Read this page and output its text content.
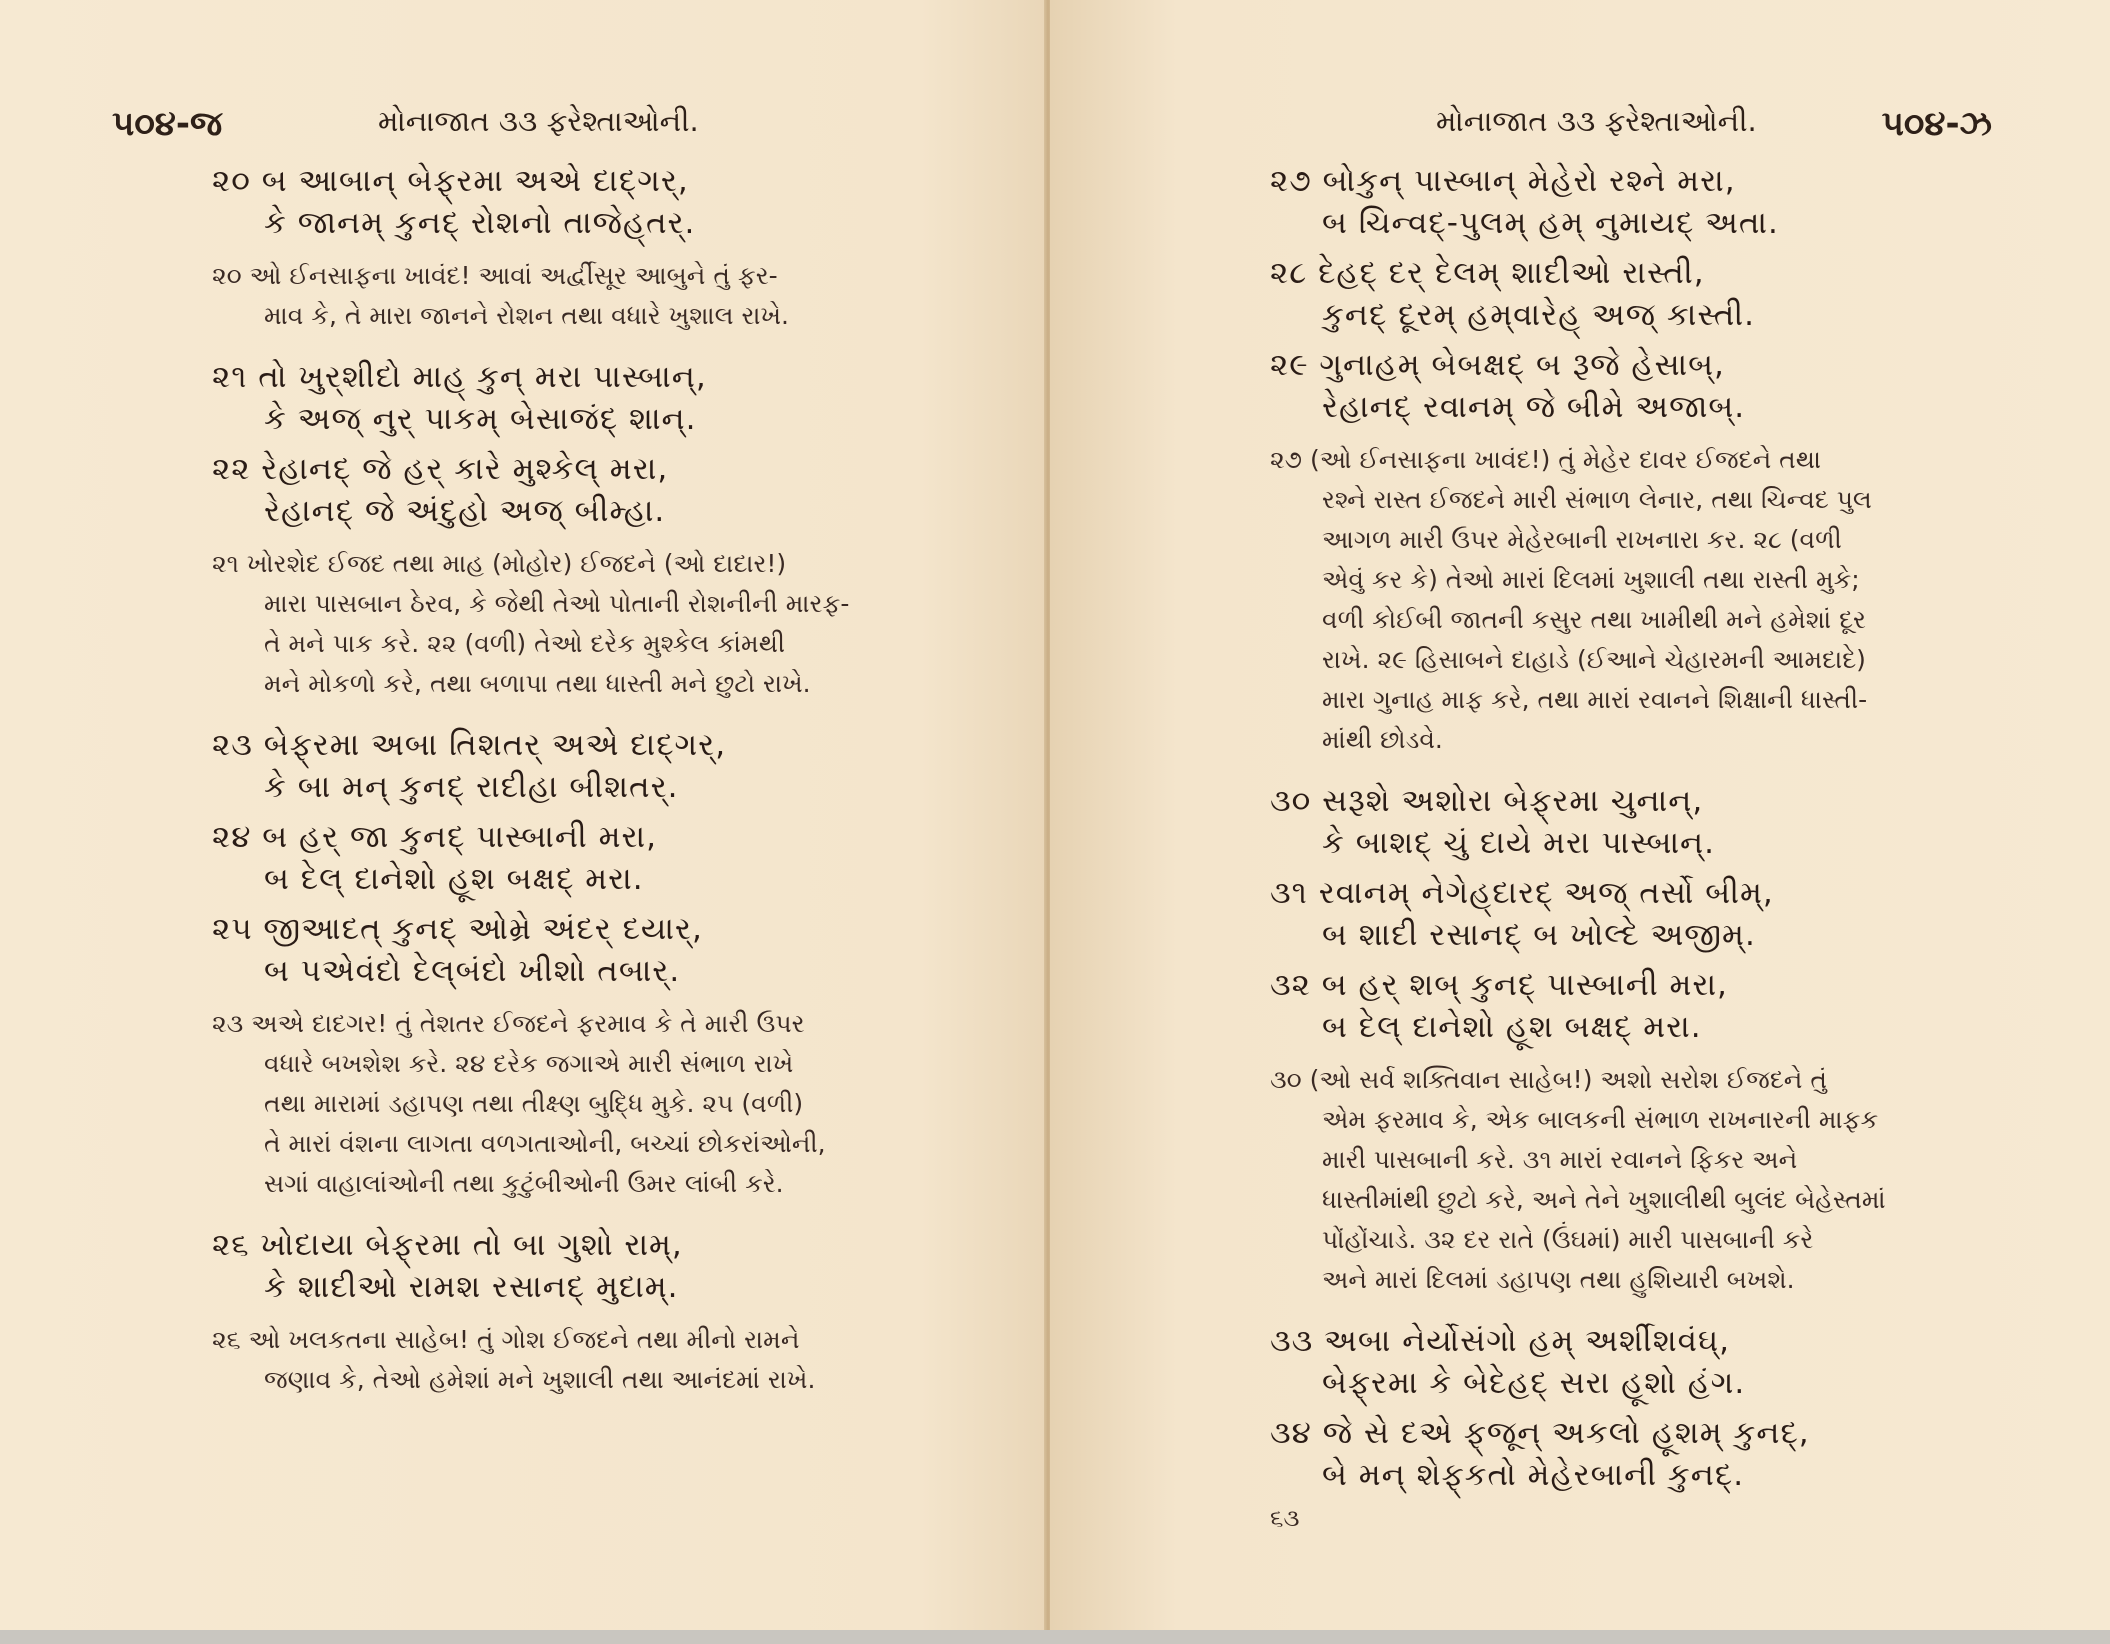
૫૦૪-જ	મોનાજાત ૩૩ ફરેશ્તાઓની.
૨૦ બ આબાન્ બેફ્‌રમા અએ દાદ્‌ગર્,
કે જાનમ્ કુનદ્ રોશનો તાજેહ્‌તર્.
૨૦ ઓ ઈનસાફના ખાવંદ! આવાં અર્દ્વીસૂર આબુને તું ફર-
માવ કે, તે મારા જાનને રોશન તથા વધારે ખુશાલ રાખે.
૨૧ તો ખુર્‌શીદો માહ્ કુન્ મરા પાસ્બાન્,
કે અજ્ નુર્ પાકમ્ બેસાજંદ્ શાન્.
૨૨ રેહાનદ્ જે હર્ કારે મુશ્કેલ્ મરા,
રેહાનદ્ જે અંદુહો અજ્ બીમ્હા.
૨૧ ખોરશેદ ઈજદ તથા માહ (મોહોર) ઈજદને (ઓ દાદાર!)
મારા પાસબાન ઠેરવ, કે જેથી તેઓ પોતાની રોશનીની મારફ-
તે મને પાક કરે. ૨૨ (વળી) તેઓ દરેક મુશ્કેલ કાંમથી
મને મોકળો કરે, તથા બળાપા તથા ધાસ્તી મને છુટો રાખે.
૨૩ બેફ્‌રમા અબા તિશતર્ અએ દાદ્‌ગર્,
કે બા મન્ કુનદ્ રાદીહા બીશતર્.
૨૪ બ હર્ જા કુનદ્ પાસ્બાની મરા,
બ દેલ્ દાનેશો હૂશ બક્ષદ્ મરા.
૨૫ જીઆદત્ કુનદ્ ઓમ્રે અંદર્ દયાર્,
બ પએવંદો દેલ્‌બંદો ખીશો તબાર્.
૨૩ અએ દાદગર! તું તેશતર ઈજદને ફરમાવ કે તે મારી ઉપર
વધારે બખશેશ કરે. ૨૪ દરેક જગાએ મારી સંભાળ રાખે
તથા મારામાં ડહાપણ તથા તીક્ષ્ણ બુદ્ધિ મુકે. ૨૫ (વળી)
તે મારાં વંશના લાગતા વળગતાઓની, બચ્ચાં છોકરાંઓની,
સગાં વાહાલાંઓની તથા કુટુંબીઓની ઉમર લાંબી કરે.
૨૬ ખોદાયા બેફ્‌રમા તો બા ગુશો રામ્,
કે શાદીઓ રામશ રસાનદ્ મુદામ્.
૨૬ ઓ ખલકતના સાહેબ! તું ગોશ ઈજદને તથા મીનો રામને
જણાવ કે, તેઓ હમેશાં મને ખુશાલી તથા આનંદમાં રાખે.
૫૦૪-ઝ
મોનાજાત ૩૩ ફરેશ્તાઓની.
૨૭ બોકુન્ પાસ્બાન્ મેહેરો રશ્ને મરા,
બ ચિન્વદ્‌-પુલમ્ હમ્ નુમાયદ્ અતા.
૨૮ દેહદ્ દર્ દેલમ્ શાદીઓ રાસ્તી,
કુનદ્ દૂરમ્ હમ્‌વારેહ્ અજ્ કાસ્તી.
૨૯ ગુનાહમ્ બેબક્ષદ્ બ રૂજે હેસાબ્,
રેહાનદ્ રવાનમ્ જે બીમે અજાબ્.
૨૭ (ઓ ઈનસાફના ખાવંદ!) તું મેહેર દાવર ઈજદને તથા
રશ્ને રાસ્ત ઈજદને મારી સંભાળ લેનાર, તથા ચિન્વદ પુલ
આગળ મારી ઉપર મેહેરબાની રાખનારા કર. ૨૮ (વળી
એવું કર કે) તેઓ મારાં દિલમાં ખુશાલી તથા રાસ્તી મુકે;
વળી કોઈબી જાતની કસુર તથા ખામીથી મને હમેશાં દૂર
રાખે. ૨૯ હિસાબને દાહાડે (ઈઆને ચેહારમની આમદાદે)
મારા ગુનાહ માફ કરે, તથા મારાં રવાનને શિક્ષાની ધાસ્તી-
માંથી છોડવે.
૩૦ સરૂશે અશોરા બેફ્‌રમા ચુનાન્,
કે બાશદ્ ચું દાયે મરા પાસ્બાન્.
૩૧ રવાનમ્ નેગેહ્‌દારદ્ અજ્ તર્સો બીમ્,
બ શાદી રસાનદ્ બ ખોલ્દે અજીમ્.
૩૨ બ હર્ શબ્ કુનદ્ પાસ્બાની મરા,
બ દેલ્ દાનેશો હૂશ બક્ષદ્ મરા.
૩૦ (ઓ સર્વ શક્તિવાન સાહેબ!) અશો સરોશ ઈજદને તું
એમ ફરમાવ કે, એક બાલકની સંભાળ રાખનારની માફક
મારી પાસબાની કરે. ૩૧ મારાં રવાનને ફિકર અને
ધાસ્તીમાંથી છુટો કરે, અને તેને ખુશાલીથી બુલંદ બેહેસ્તમાં
પોંહોંચાડે. ૩૨ દર રાતે (ઉંઘમાં) મારી પાસબાની કરે
અને મારાં દિલમાં ડહાપણ તથા હુશિયારી બખશે.
૩૩ અબા નેર્યોસંગો હમ્ અર્શીશવંઘ્,
બેફ્‌રમા કે બેદેહદ્ સરા હૂશો હંગ.
૩૪ જે સે દએ ફ્‌જૂન્ અકલો હૂશમ્ કુનદ્,
બે મન્ શેફ્‌કતો મેહેરબાની કુનદ્.
૬૩
